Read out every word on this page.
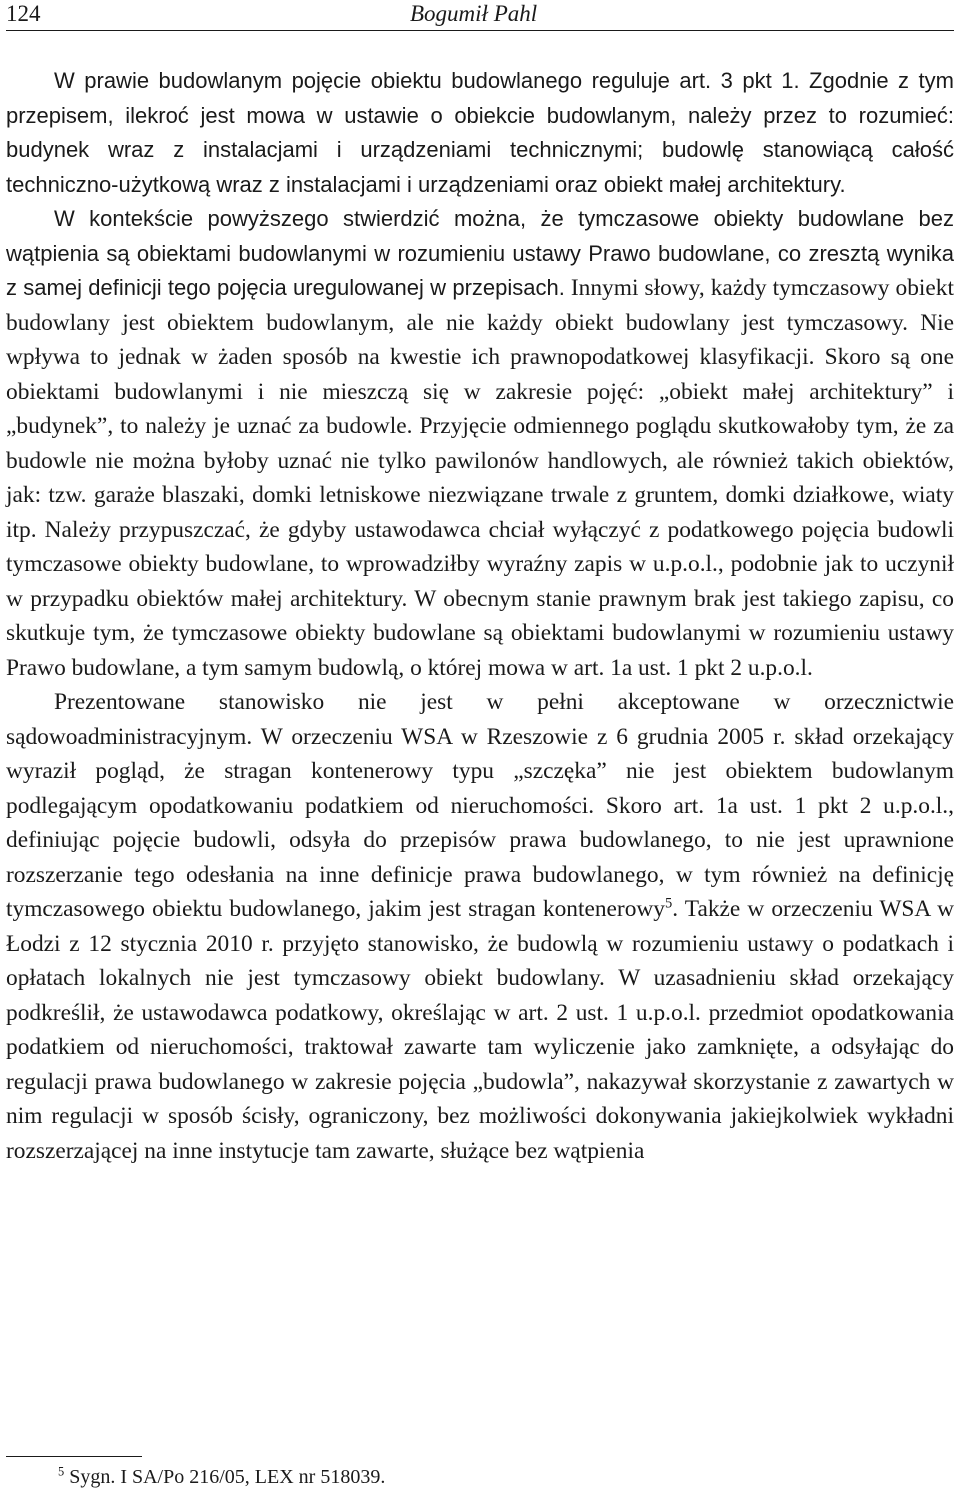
124	Bogumił Pahl

W prawie budowlanym pojęcie obiektu budowlanego reguluje art. 3 pkt 1. Zgodnie z tym przepisem, ilekroć jest mowa w ustawie o obiekcie budowlanym, należy przez to rozumieć: budynek wraz z instalacjami i urządzeniami technicznymi; budowlę stanowiącą całość techniczno-użytkową wraz z instalacjami i urządzeniami oraz obiekt małej architektury.

W kontekście powyższego stwierdzić można, że tymczasowe obiekty budowlane bez wątpienia są obiektami budowlanymi w rozumieniu ustawy Prawo budowlane, co zresztą wynika z samej definicji tego pojęcia uregulowanej w przepisach. Innymi słowy, każdy tymczasowy obiekt budowlany jest obiektem budowlanym, ale nie każdy obiekt budowlany jest tymczasowy. Nie wpływa to jednak w żaden sposób na kwestie ich prawnopodatkowej klasyfikacji. Skoro są one obiektami budowlanymi i nie mieszczą się w zakresie pojęć: „obiekt małej architektury” i „budynek”, to należy je uznać za budowle. Przyjęcie odmiennego poglądu skutkowałoby tym, że za budowle nie można byłoby uznać nie tylko pawilonów handlowych, ale również takich obiektów, jak: tzw. garaże blaszaki, domki letniskowe niezwiązane trwale z gruntem, domki działkowe, wiaty itp. Należy przypuszczać, że gdyby ustawodawca chciał wyłączyć z podatkowego pojęcia budowli tymczasowe obiekty budowlane, to wprowadziłby wyraźny zapis w u.p.o.l., podobnie jak to uczynił w przypadku obiektów małej architektury. W obecnym stanie prawnym brak jest takiego zapisu, co skutkuje tym, że tymczasowe obiekty budowlane są obiektami budowlanymi w rozumieniu ustawy Prawo budowlane, a tym samym budowlą, o której mowa w art. 1a ust. 1 pkt 2 u.p.o.l.

Prezentowane stanowisko nie jest w pełni akceptowane w orzecznictwie sądowoadministracyjnym. W orzeczeniu WSA w Rzeszowie z 6 grudnia 2005 r. skład orzekający wyraził pogląd, że stragan kontenerowy typu „szczęka” nie jest obiektem budowlanym podlegającym opodatkowaniu podatkiem od nieruchomości. Skoro art. 1a ust. 1 pkt 2 u.p.o.l., definiując pojęcie budowli, odsyła do przepisów prawa budowlanego, to nie jest uprawnione rozszerzanie tego odesłania na inne definicje prawa budowlanego, w tym również na definicję tymczasowego obiektu budowlanego, jakim jest stragan kontenerowy$^5$. Także w orzeczeniu WSA w Łodzi z 12 stycznia 2010 r. przyjęto stanowisko, że budowlą w rozumieniu ustawy o podatkach i opłatach lokalnych nie jest tymczasowy obiekt budowlany. W uzasadnieniu skład orzekający podkreślił, że ustawodawca podatkowy, określając w art. 2 ust. 1 u.p.o.l. przedmiot opodatkowania podatkiem od nieruchomości, traktował zawarte tam wyliczenie jako zamknięte, a odsyłając do regulacji prawa budowlanego w zakresie pojęcia „budowla”, nakazywał skorzystanie z zawartych w nim regulacji w sposób ścisły, ograniczony, bez możliwości dokonywania jakiejkolwiek wykładni rozszerzającej na inne instytucje tam zawarte, służące bez wątpienia

$^5$ Sygn. I SA/Po 216/05, LEX nr 518039.
